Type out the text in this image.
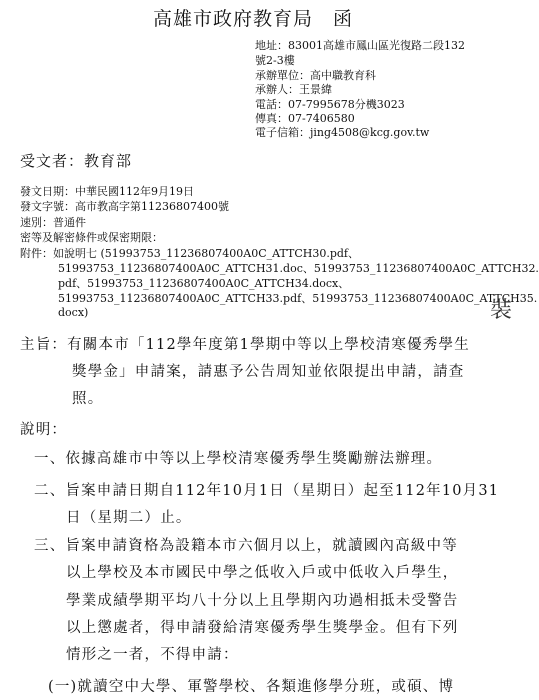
高雄市政府教育局　函
地址：83001高雄市鳳山區光復路二段132
號2-3樓
承辦單位：高中職教育科
承辦人：王景緯
電話：07-7995678分機3023
傳真：07-7406580
電子信箱：jing4508@kcg.gov.tw
受文者：教育部
發文日期：中華民國112年9月19日
發文字號：高市教高字第11236807400號
速別：普通件
密等及解密條件或保密期限：
附件：如說明七 (51993753_11236807400A0C_ATTCH30.pdf、
51993753_11236807400A0C_ATTCH31.doc、51993753_11236807400A0C_ATTCH32.
pdf、51993753_11236807400A0C_ATTCH34.docx、
51993753_11236807400A0C_ATTCH33.pdf、51993753_11236807400A0C_ATTCH35.
docx)
主旨：有關本市「112學年度第1學期中等以上學校清寒優秀學生
獎學金」申請案，請惠予公告周知並依限提出申請，請查
照。
說明：
一、依據高雄市中等以上學校清寒優秀學生獎勵辦法辦理。
二、旨案申請日期自112年10月1日（星期日）起至112年10月31
日（星期二）止。
三、旨案申請資格為設籍本市六個月以上，就讀國內高級中等
以上學校及本市國民中學之低收入戶或中低收入戶學生，
學業成績學期平均八十分以上且學期內功過相抵未受警告
以上懲處者，得申請發給清寒優秀學生獎學金。但有下列
情形之一者，不得申請：
(一)就讀空中大學、軍警學校、各類進修學分班，或碩、博
裝
